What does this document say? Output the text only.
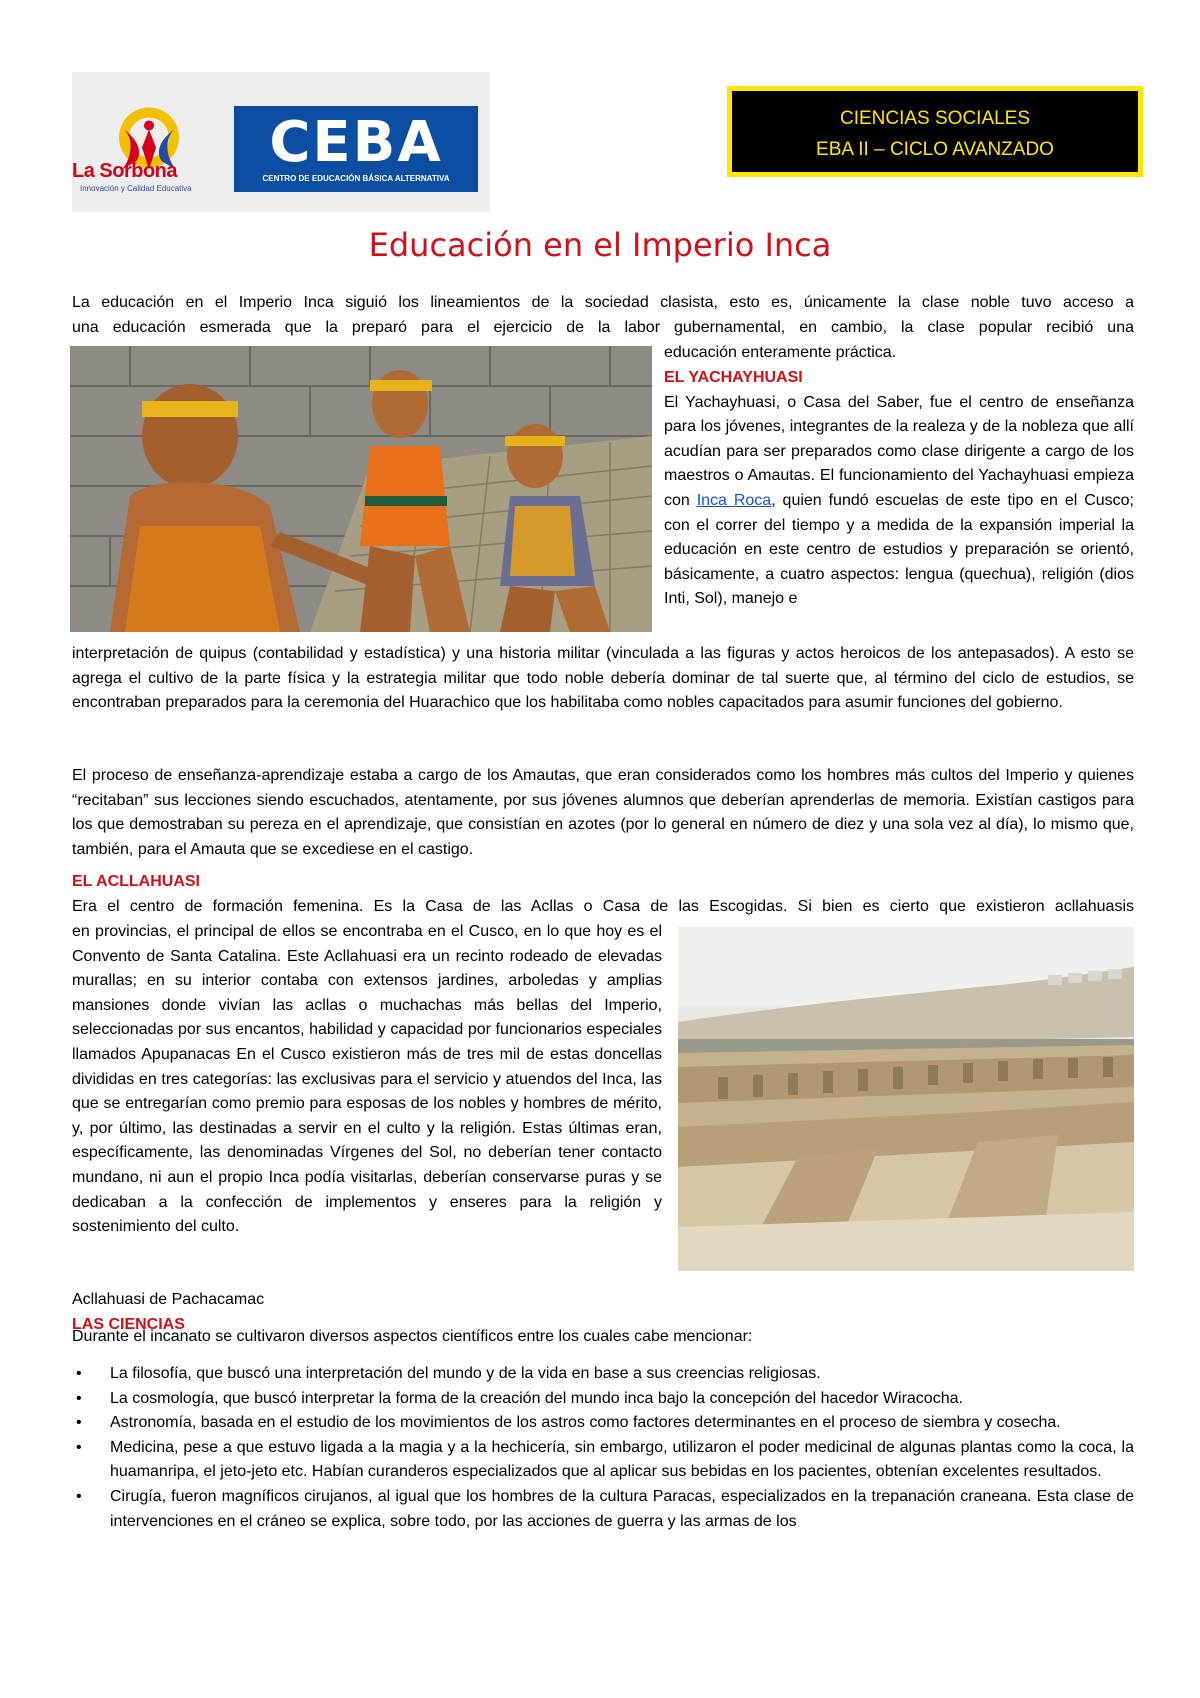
La Sorbona
Innovación y Calidad Educativa
CEBA
CENTRO DE EDUCACIÓN BÁSICA ALTERNATIVA
CIENCIAS SOCIALES
EBA II – CICLO AVANZADO
Educación en el Imperio Inca

La educación en el Imperio Inca siguió los lineamientos de la sociedad clasista, esto es, únicamente la clase noble tuvo acceso a

una educación esmerada que la preparó para el ejercicio de la labor gubernamental, en cambio, la clase popular recibió una

educación enteramente práctica.

EL YACHAYHUASI
El Yachayhuasi, o Casa del Saber, fue el centro de enseñanza para los jóvenes, integrantes de la realeza y de la nobleza que allí acudían para ser preparados como clase dirigente a cargo de los maestros o Amautas. El funcionamiento del Yachayhuasi empieza con Inca Roca, quien fundó escuelas de este tipo en el Cusco; con el correr del tiempo y a medida de la expansión imperial la educación en este centro de estudios y preparación se orientó, básicamente, a cuatro aspectos: lengua (quechua), religión (dios Inti, Sol), manejo e

interpretación de quipus (contabilidad y estadística) y una historia militar (vinculada a las figuras y actos heroicos de los antepasados). A esto se agrega el cultivo de la parte física y la estrategia militar que todo noble debería dominar de tal suerte que, al término del ciclo de estudios, se encontraban preparados para la ceremonia del Huarachico que los habilitaba como nobles capacitados para asumir funciones del gobierno.

El proceso de enseñanza-aprendizaje estaba a cargo de los Amautas, que eran considerados como los hombres más cultos del Imperio y quienes “recitaban” sus lecciones siendo escuchados, atentamente, por sus jóvenes alumnos que deberían aprenderlas de memoria. Existían castigos para los que demostraban su pereza en el aprendizaje, que consistían en azotes (por lo general en número de diez y una sola vez al día), lo mismo que, también, para el Amauta que se excediese en el castigo.

EL ACLLAHUASI

Era el centro de formación femenina. Es la Casa de las Acllas o Casa de las Escogidas. Si bien es cierto que existieron acllahuasis

en provincias, el principal de ellos se encontraba en el Cusco, en lo que hoy es el Convento de Santa Catalina. Este Acllahuasi era un recinto rodeado de elevadas murallas; en su interior contaba con extensos jardines, arboledas y amplias mansiones donde vivían las acllas o muchachas más bellas del Imperio, seleccionadas por sus encantos, habilidad y capacidad por funcionarios especiales llamados Apupanacas En el Cusco existieron más de tres mil de estas doncellas divididas en tres categorías: las exclusivas para el servicio y atuendos del Inca, las que se entregarían como premio para esposas de los nobles y hombres de mérito, y, por último, las destinadas a servir en el culto y la religión. Estas últimas eran, específicamente, las denominadas Vírgenes del Sol, no deberían tener contacto mundano, ni aun el propio Inca podía visitarlas, deberían conservarse puras y se dedicaban a la confección de implementos y enseres para la religión y sostenimiento del culto.

Acllahuasi de Pachacamac
LAS CIENCIAS
Durante el incanato se cultivaron diversos aspectos científicos entre los cuales cabe mencionar:
• La filosofía, que buscó una interpretación del mundo y de la vida en base a sus creencias religiosas.
• La cosmología, que buscó interpretar la forma de la creación del mundo inca bajo la concepción del hacedor Wiracocha.
• Astronomía, basada en el estudio de los movimientos de los astros como factores determinantes en el proceso de siembra y cosecha.
• Medicina, pese a que estuvo ligada a la magia y a la hechicería, sin embargo, utilizaron el poder medicinal de algunas plantas como la coca, la huamanripa, el jeto-jeto etc. Habían curanderos especializados que al aplicar sus bebidas en los pacientes, obtenían excelentes resultados.
• Cirugía, fueron magníficos cirujanos, al igual que los hombres de la cultura Paracas, especializados en la trepanación craneana. Esta clase de intervenciones en el cráneo se explica, sobre todo, por las acciones de guerra y las armas de los
